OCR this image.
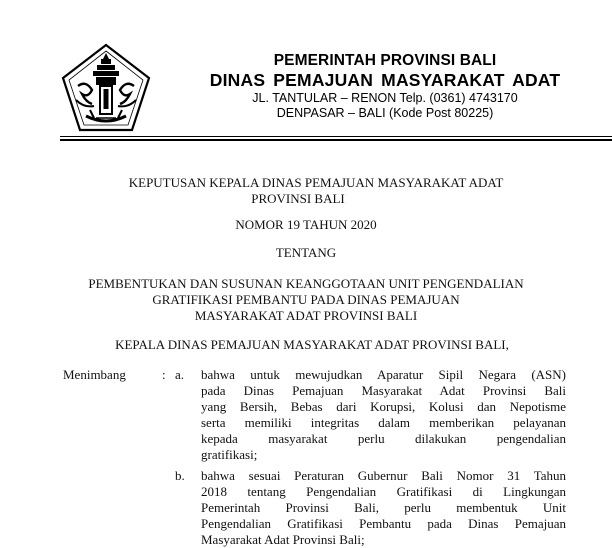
PEMERINTAH PROVINSI BALI
DINAS PEMAJUAN MASYARAKAT ADAT
JL. TANTULAR – RENON Telp. (0361) 4743170
DENPASAR – BALI (Kode Post 80225)
KEPUTUSAN KEPALA DINAS PEMAJUAN MASYARAKAT ADAT
PROVINSI BALI
NOMOR 19 TAHUN 2020
TENTANG
PEMBENTUKAN DAN SUSUNAN KEANGGOTAAN UNIT PENGENDALIAN
GRATIFIKASI PEMBANTU PADA DINAS PEMAJUAN
MASYARAKAT ADAT PROVINSI BALI
KEPALA DINAS PEMAJUAN MASYARAKAT ADAT PROVINSI BALI,
Menimbang	: a. bahwa untuk mewujudkan Aparatur Sipil Negara (ASN)

pada Dinas Pemajuan Masyarakat Adat Provinsi Bali

yang Bersih, Bebas dari Korupsi, Kolusi dan Nepotisme

serta memiliki integritas dalam memberikan pelayanan

kepada masyarakat perlu dilakukan pengendalian

gratifikasi;

b. bahwa sesuai Peraturan Gubernur Bali Nomor 31 Tahun

2018 tentang Pengendalian Gratifikasi di Lingkungan

Pemerintah Provinsi Bali, perlu membentuk Unit

Pengendalian Gratifikasi Pembantu pada Dinas Pemajuan

Masyarakat Adat Provinsi Bali;
